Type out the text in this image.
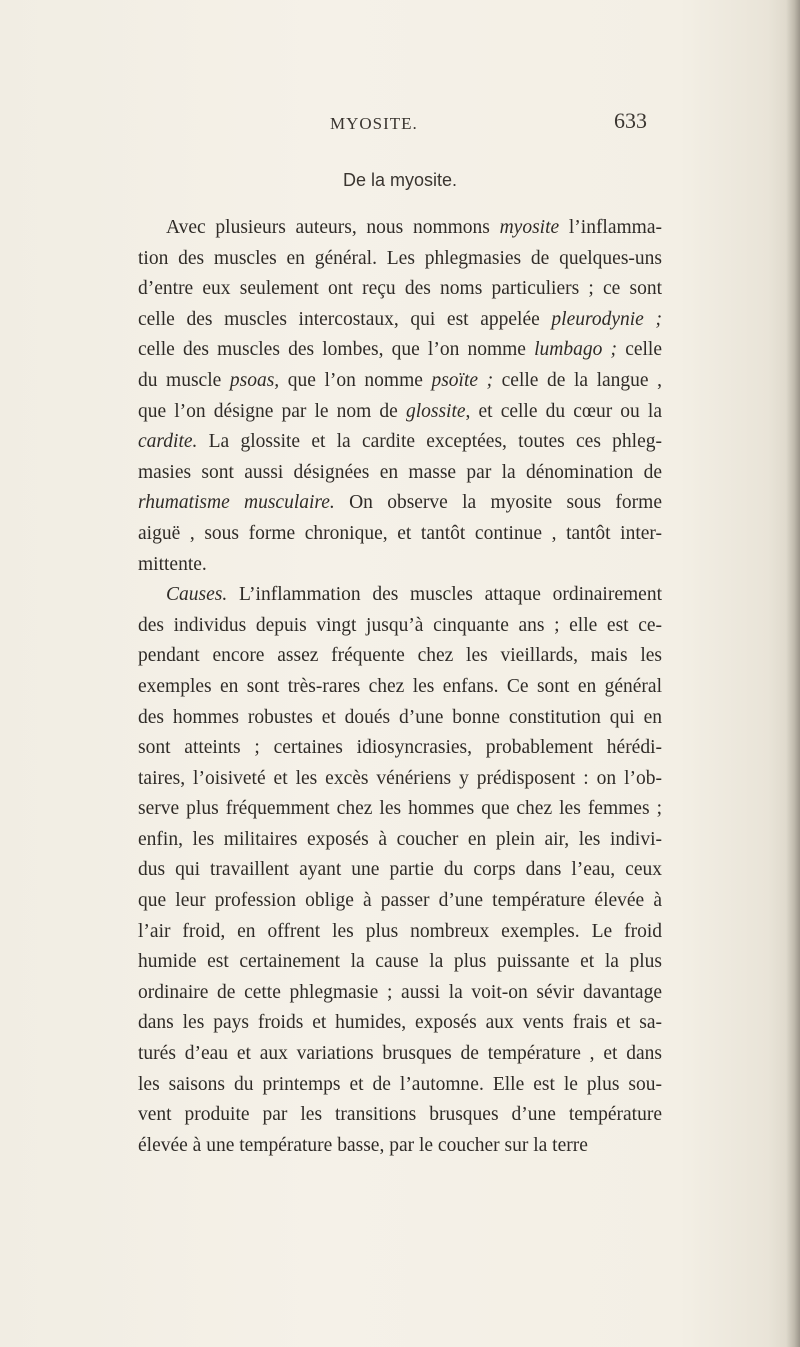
MYOSITE.	633
De la myosite.

Avec plusieurs auteurs, nous nommons myosite l’inflamma-
tion des muscles en général. Les phlegmasies de quelques-uns
d’entre eux seulement ont reçu des noms particuliers ; ce sont
celle des muscles intercostaux, qui est appelée pleurodynie ;
celle des muscles des lombes, que l’on nomme lumbago ; celle
du muscle psoas, que l’on nomme psoïte ; celle de la langue ,
que l’on désigne par le nom de glossite, et celle du cœur ou la
cardite. La glossite et la cardite exceptées, toutes ces phleg-
masies sont aussi désignées en masse par la dénomination de
rhumatisme musculaire. On observe la myosite sous forme
aiguë , sous forme chronique, et tantôt continue , tantôt inter-
mittente.

Causes. L’inflammation des muscles attaque ordinairement
des individus depuis vingt jusqu’à cinquante ans ; elle est ce-
pendant encore assez fréquente chez les vieillards, mais les
exemples en sont très-rares chez les enfans. Ce sont en général
des hommes robustes et doués d’une bonne constitution qui en
sont atteints ; certaines idiosyncrasies, probablement hérédi-
taires, l’oisiveté et les excès vénériens y prédisposent : on l’ob-
serve plus fréquemment chez les hommes que chez les femmes ;
enfin, les militaires exposés à coucher en plein air, les indivi-
dus qui travaillent ayant une partie du corps dans l’eau, ceux
que leur profession oblige à passer d’une température élevée à
l’air froid, en offrent les plus nombreux exemples. Le froid
humide est certainement la cause la plus puissante et la plus
ordinaire de cette phlegmasie ; aussi la voit-on sévir davantage
dans les pays froids et humides, exposés aux vents frais et sa-
turés d’eau et aux variations brusques de température , et dans
les saisons du printemps et de l’automne. Elle est le plus sou-
vent produite par les transitions brusques d’une température
élevée à une température basse, par le coucher sur la terre
